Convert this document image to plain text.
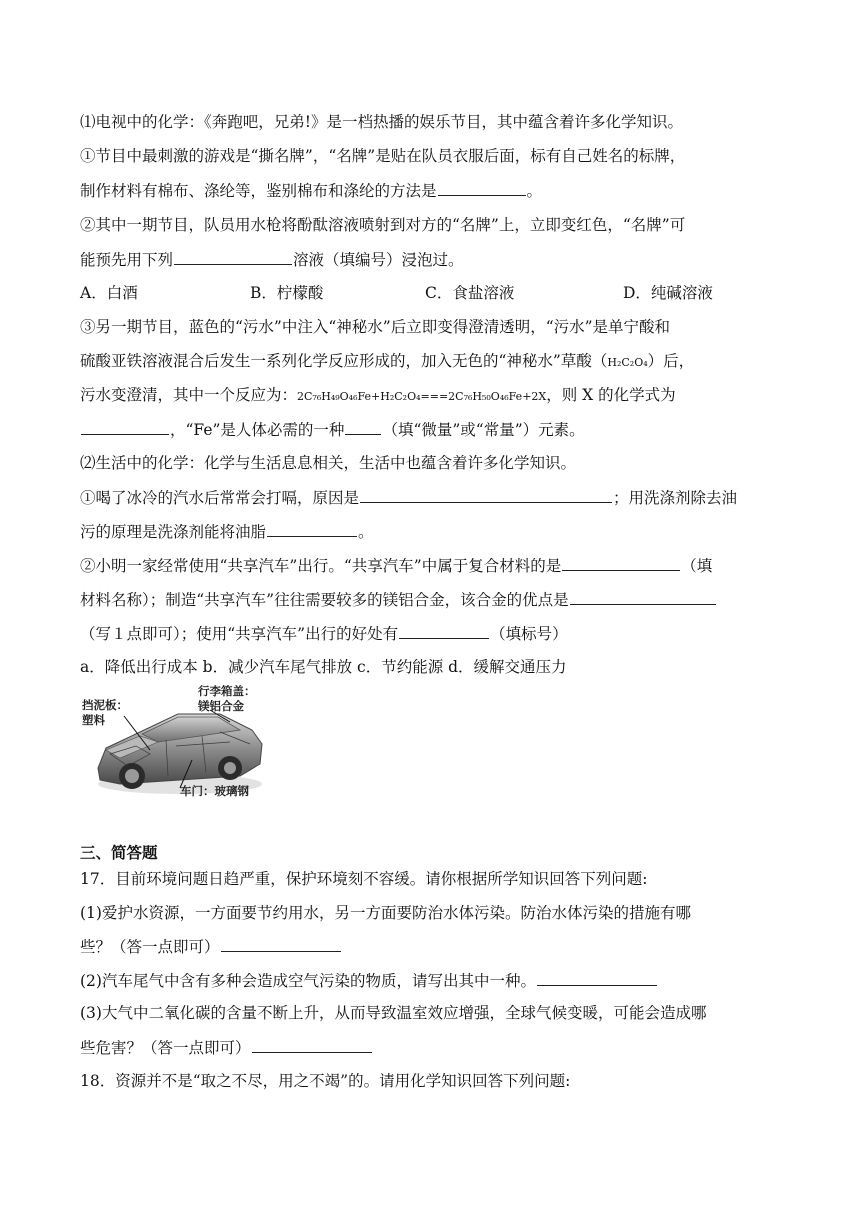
⑴电视中的化学：《奔跑吧，兄弟!》是一档热播的娱乐节目，其中蕴含着许多化学知识。
①节目中最刺激的游戏是“撕名牌”，“名牌”是贴在队员衣服后面，标有自己姓名的标牌，
制作材料有棉布、涤纶等，鉴别棉布和涤纶的方法是	。
②其中一期节目，队员用水枪将酚酞溶液喷射到对方的“名牌”上，立即变红色，“名牌”可
能预先用下列	溶液（填编号）浸泡过。
A．白酒	B．柠檬酸	C．食盐溶液	D．纯碱溶液
③另一期节目，蓝色的“污水”中注入“神秘水”后立即变得澄清透明，“污水”是单宁酸和
硫酸亚铁溶液混合后发生一系列化学反应形成的，加入无色的“神秘水”草酸（H₂C₂O₄）后，
污水变澄清，其中一个反应为：2C₇₆H₄₉O₄₆Fe+H₂C₂O₄===2C₇₆H₅₀O₄₆Fe+2X，则 X 的化学式为
，“Fe”是人体必需的一种 （填“微量”或“常量”）元素。
⑵生活中的化学：化学与生活息息相关，生活中也蕴含着许多化学知识。
①喝了冰冷的汽水后常常会打嗝，原因是	；用洗涤剂除去油
污的原理是洗涤剂能将油脂	。
②小明一家经常使用“共享汽车”出行。“共享汽车”中属于复合材料的是	（填
材料名称）；制造“共享汽车”往往需要较多的镁铝合金，该合金的优点是
（写１点即可）；使用“共享汽车”出行的好处有	（填标号）
a．降低出行成本 b．减少汽车尾气排放 c．节约能源 d．缓解交通压力
挡泥板：
塑料
行李箱盖：
镁铝合金
车门：玻璃钢
三、简答题
17．目前环境问题日趋严重，保护环境刻不容缓。请你根据所学知识回答下列问题:
(1)爱护水资源，一方面要节约用水，另一方面要防治水体污染。防治水体污染的措施有哪
些？（答一点即可）
(2)汽车尾气中含有多种会造成空气污染的物质，请写出其中一种。
(3)大气中二氧化碳的含量不断上升，从而导致温室效应增强，全球气候变暖，可能会造成哪
些危害？（答一点即可）
18．资源并不是“取之不尽，用之不竭”的。请用化学知识回答下列问题:
